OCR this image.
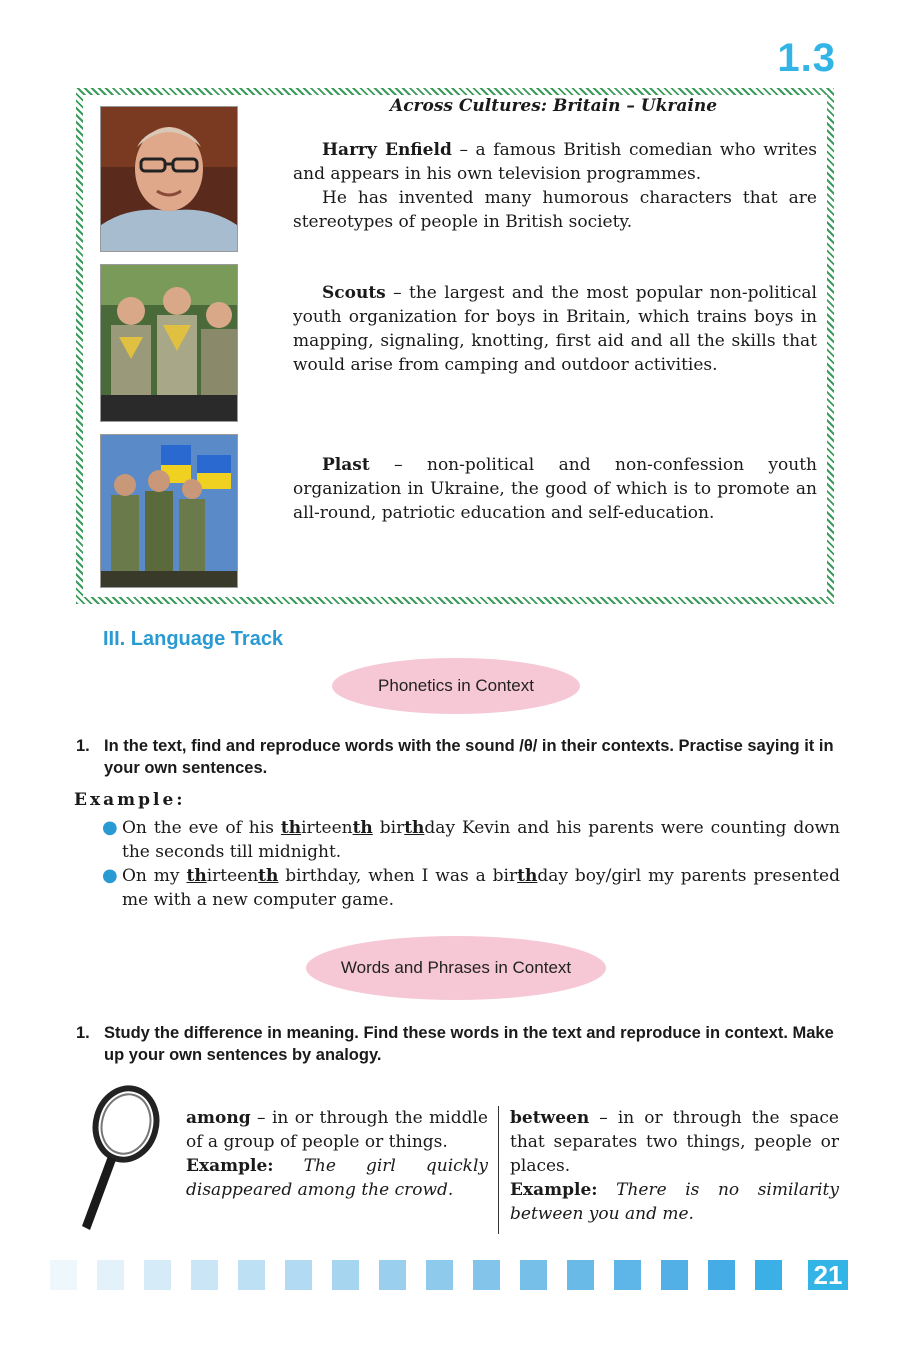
1.3
Across Cultures: Britain – Ukraine

Harry Enfield – a famous British comedian who writes and appears in his own television programmes.

He has invented many humorous characters that are stereotypes of people in British society.

Scouts – the largest and the most popular non-political youth organization for boys in Britain, which trains boys in mapping, signaling, knotting, first aid and all the skills that would arise from camping and outdoor activities.

Plast – non-political and non-confession youth organization in Ukraine, the good of which is to promote an all-round, patriotic education and self-education.

III. Language Track
Phonetics in Context
1. In the text, find and reproduce words with the sound /θ/ in their contexts. Practise saying it in your own sentences.
Example:
● On the eve of his thirteenth birthday Kevin and his parents were counting down the seconds till midnight.
● On my thirteenth birthday, when I was a birthday boy/girl my parents presented me with a new computer game.
Words and Phrases in Context
1. Study the difference in meaning. Find these words in the text and reproduce in context. Make up your own sentences by analogy.

among – in or through the middle of a group of people or things.

Example: The girl quickly disappeared among the crowd.

between – in or through the space that separates two things, people or places.

Example: There is no similarity between you and me.

21
